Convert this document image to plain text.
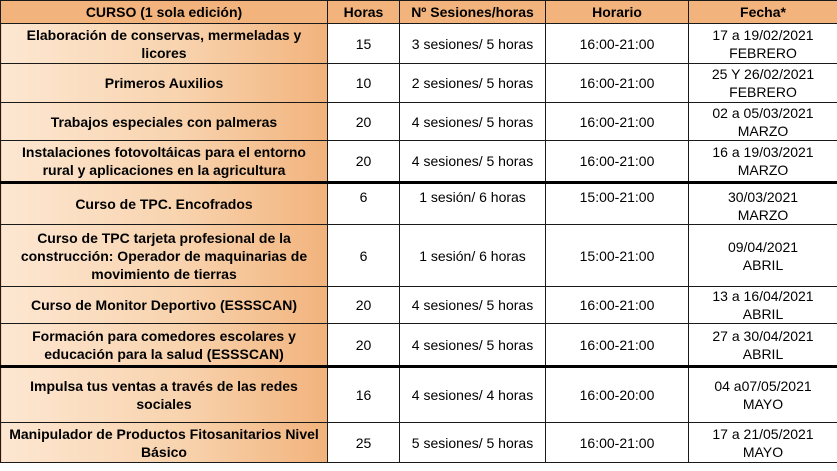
CURSO (1 sola edición)	Horas	Nº Sesiones/horas	Horario	Fecha*
Elaboración de conservas, mermeladas y licores	15	3 sesiones/ 5 horas	16:00-21:00	17 a 19/02/2021
FEBRERO

Primeros Auxilios	10	2 sesiones/ 5 horas	16:00-21:00	25 Y 26/02/2021
FEBRERO

Trabajos especiales con palmeras	20	4 sesiones/ 5 horas	16:00-21:00	02 a 05/03/2021
MARZO

Instalaciones fotovoltáicas para el entorno rural y aplicaciones en la agricultura	20	4 sesiones/ 5 horas	16:00-21:00	16 a 19/03/2021
MARZO

Curso de TPC. Encofrados	6	1 sesión/ 6 horas	15:00-21:00	30/03/2021
MARZO

Curso de TPC tarjeta profesional de la construcción: Operador de maquinarias de movimiento de tierras	6	1 sesión/ 6 horas	15:00-21:00	09/04/2021
ABRIL

Curso de Monitor Deportivo (ESSSCAN)	20	4 sesiones/ 5 horas	16:00-21:00	13 a 16/04/2021
ABRIL

Formación para comedores escolares y educación para la salud (ESSSCAN)	20	4 sesiones/ 5 horas	16:00-21:00	27 a 30/04/2021
ABRIL

Impulsa tus ventas a través de las redes sociales	16	4 sesiones/ 4 horas	16:00-20:00	04 a07/05/2021
MAYO

Manipulador de Productos Fitosanitarios Nivel Básico	25	5 sesiones/ 5 horas	16:00-21:00	17 a 21/05/2021
MAYO
